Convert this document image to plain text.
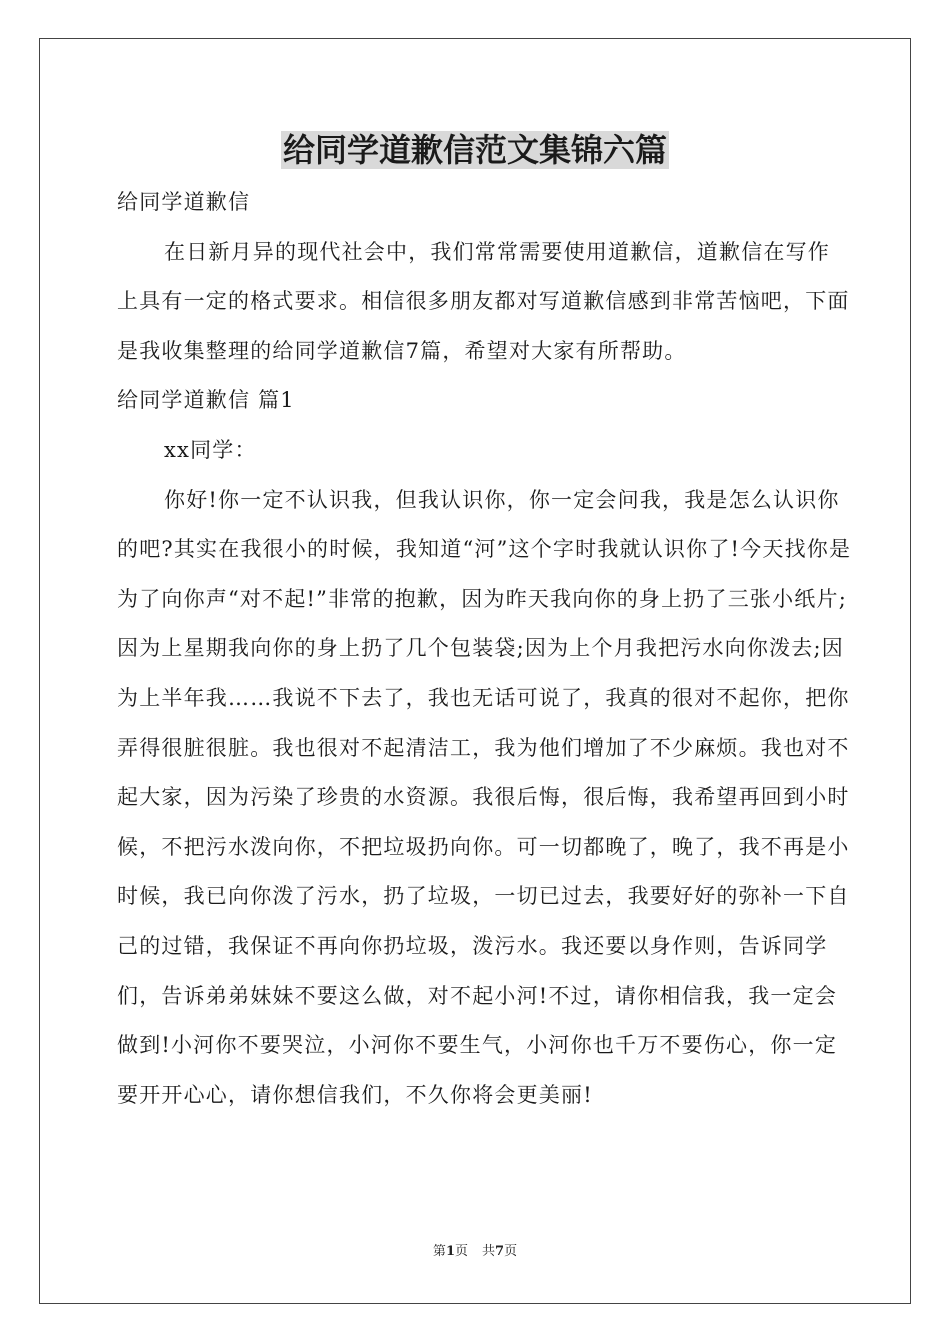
给同学道歉信范文集锦六篇

给同学道歉信

在日新月异的现代社会中，我们常常需要使用道歉信，道歉信在写作上具有一定的格式要求。相信很多朋友都对写道歉信感到非常苦恼吧，下面是我收集整理的给同学道歉信7篇，希望对大家有所帮助。

给同学道歉信 篇1

xx同学：

你好!你一定不认识我，但我认识你，你一定会问我，我是怎么认识你的吧?其实在我很小的时候，我知道“河”这个字时我就认识你了!今天找你是为了向你声“对不起!”非常的抱歉，因为昨天我向你的身上扔了三张小纸片;因为上星期我向你的身上扔了几个包装袋;因为上个月我把污水向你泼去;因为上半年我……我说不下去了，我也无话可说了，我真的很对不起你，把你弄得很脏很脏。我也很对不起清洁工，我为他们增加了不少麻烦。我也对不起大家，因为污染了珍贵的水资源。我很后悔，很后悔，我希望再回到小时候，不把污水泼向你，不把垃圾扔向你。可一切都晚了，晚了，我不再是小时候，我已向你泼了污水，扔了垃圾，一切已过去，我要好好的弥补一下自己的过错，我保证不再向你扔垃圾，泼污水。我还要以身作则，告诉同学们，告诉弟弟妹妹不要这么做，对不起小河!不过，请你相信我，我一定会做到!小河你不要哭泣，小河你不要生气，小河你也千万不要伤心，你一定要开开心心，请你想信我们，不久你将会更美丽!

第1页 共7页
